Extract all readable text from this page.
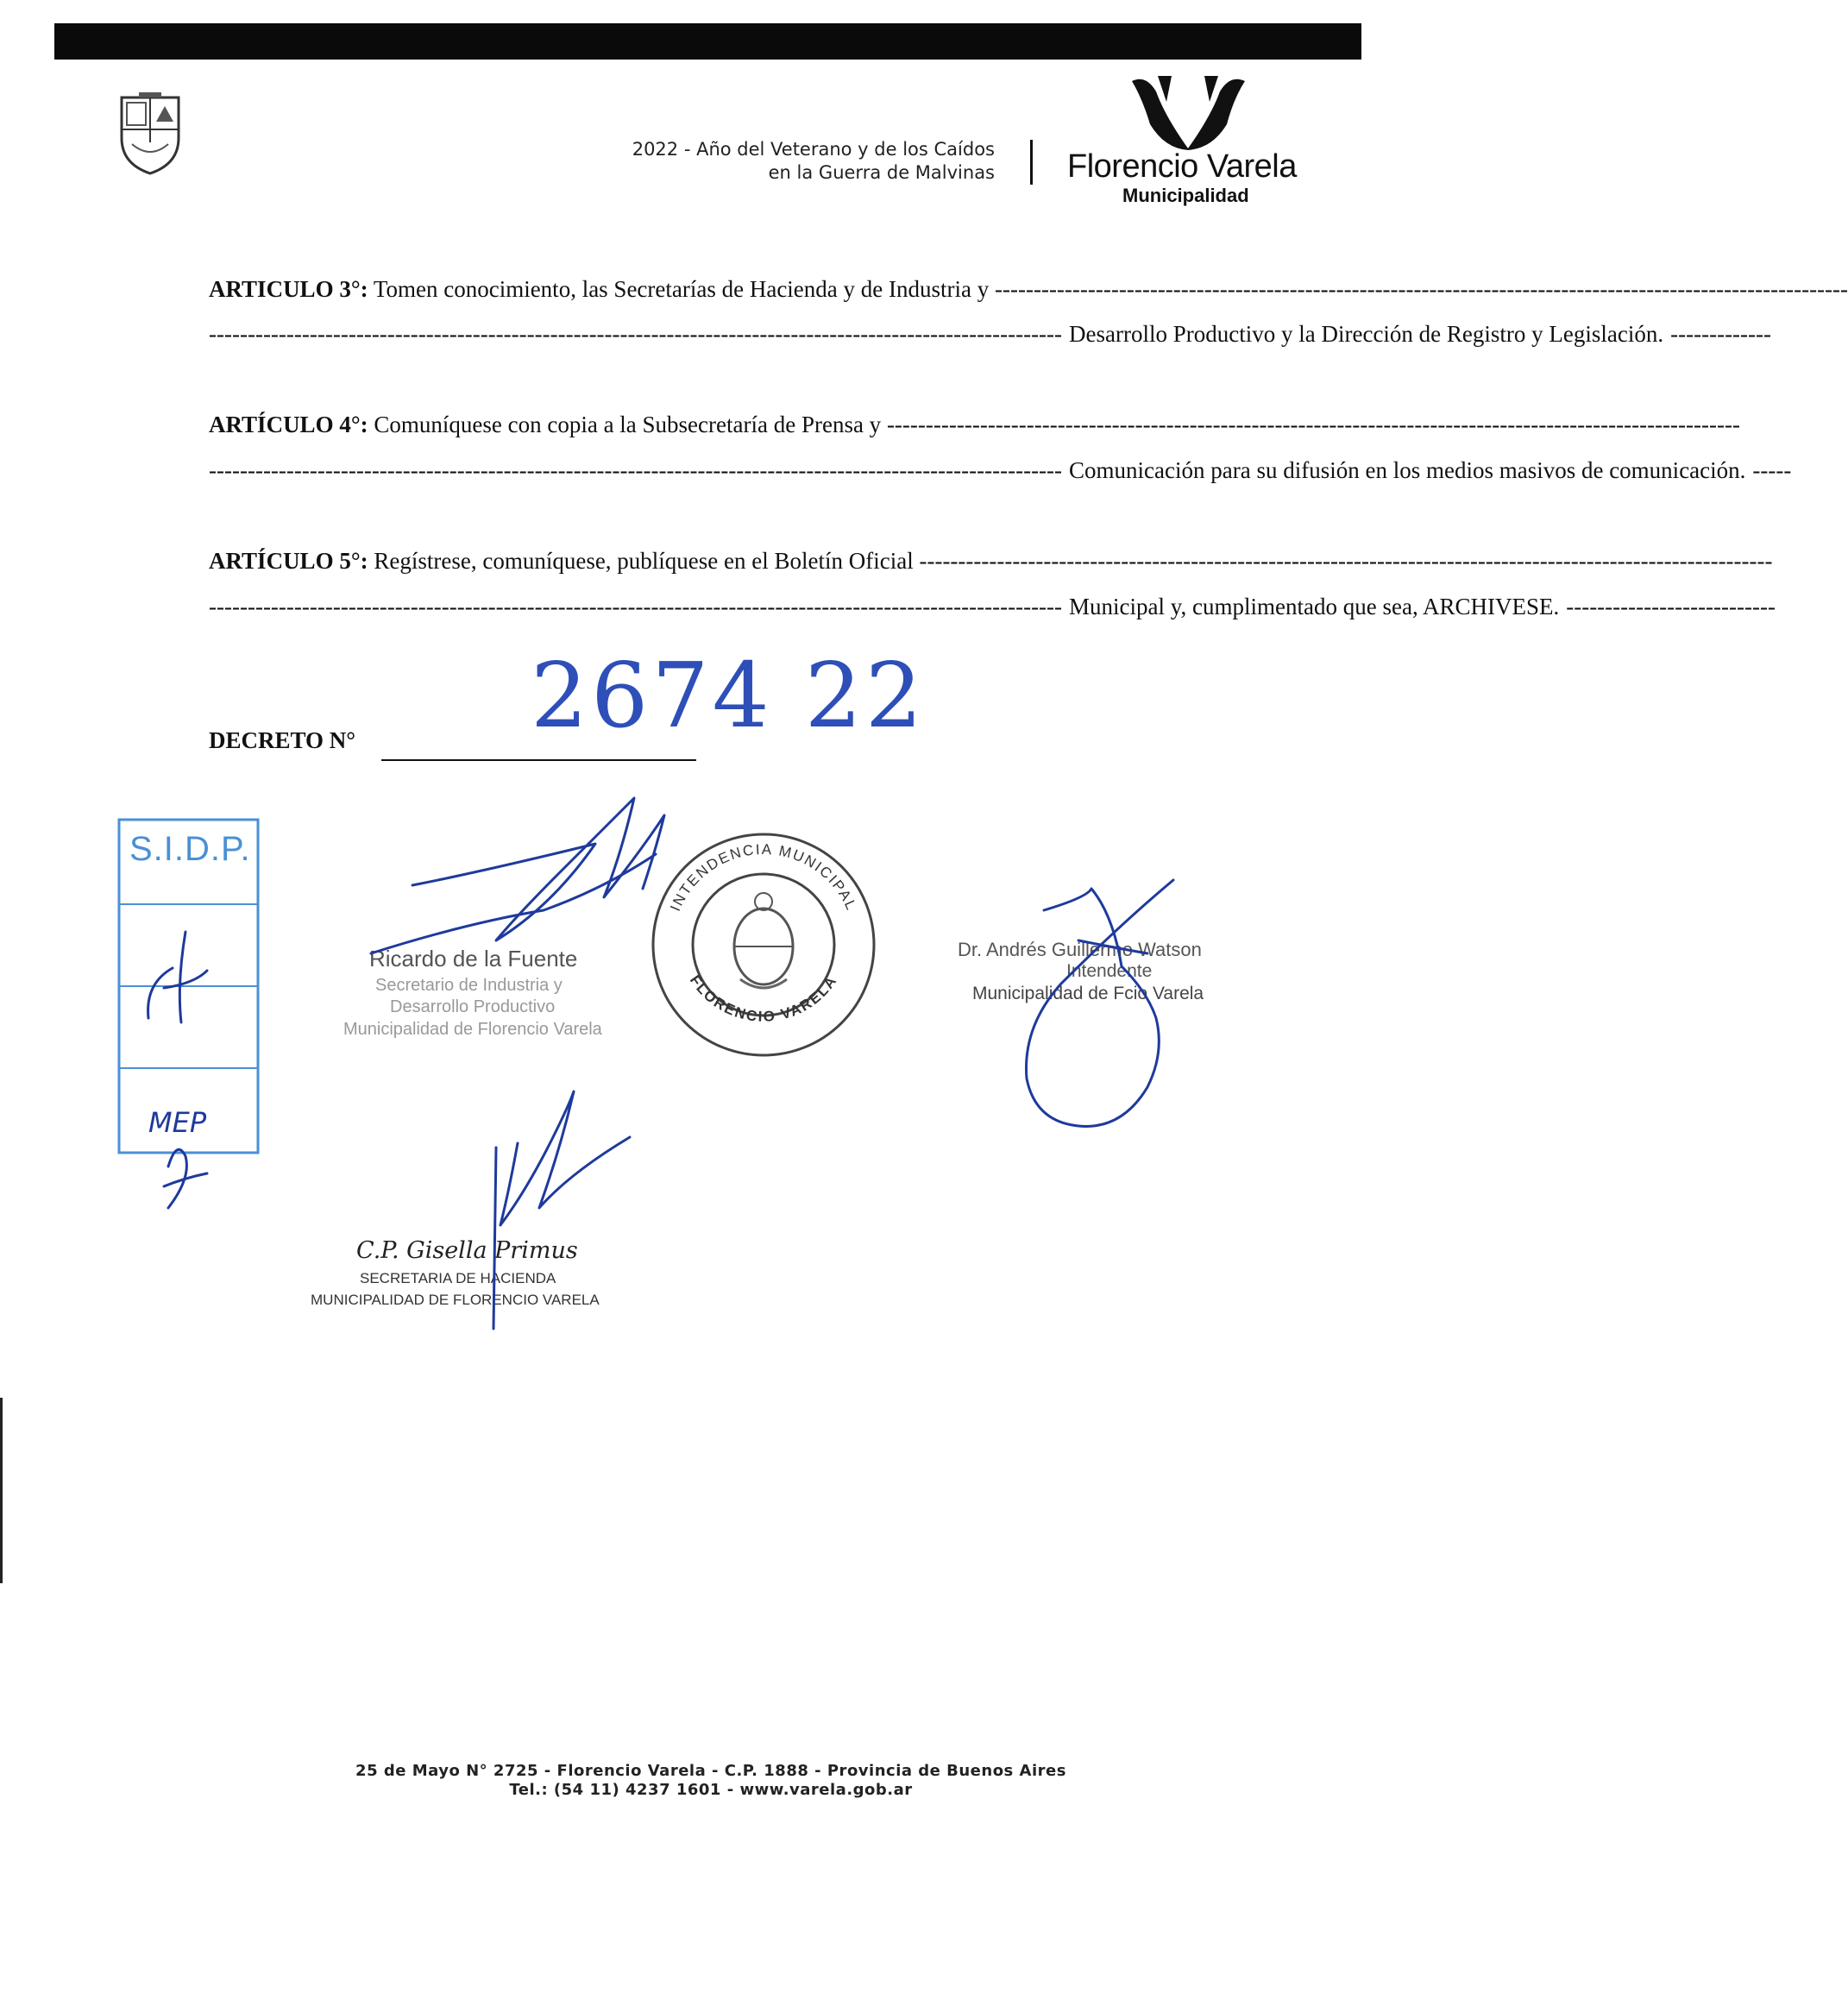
2022 - Año del Veterano y de los Caídos
en la Guerra de Malvinas Florencio Varela
Municipalidad
ARTICULO 3°: Tomen conocimiento, las Secretarías de Hacienda y de Industria y --------------------------------------------------------------------------------------------------------------
-------------------------------------------------------------------------------------------------------------- Desarrollo Productivo y la Dirección de Registro y Legislación. -------------
ARTÍCULO 4°: Comuníquese con copia a la Subsecretaría de Prensa y --------------------------------------------------------------------------------------------------------------
-------------------------------------------------------------------------------------------------------------- Comunicación para su difusión en los medios masivos de comunicación. -----
ARTÍCULO 5°: Regístrese, comuníquese, publíquese en el Boletín Oficial --------------------------------------------------------------------------------------------------------------
-------------------------------------------------------------------------------------------------------------- Municipal y, cumplimentado que sea, ARCHIVESE. ---------------------------
2674 22
DECRETO N°
S.I.D.P.
MEP
INTENDENCIA MUNICIPAL
FLORENCIO VARELA
Ricardo de la Fuente
Secretario de Industria y
Desarrollo Productivo
Municipalidad de Florencio Varela
Dr. Andrés Guillermo Watson
Intendente
Municipalidad de Fcio Varela
C.P. Gisella Primus
SECRETARIA DE HACIENDA
MUNICIPALIDAD DE FLORENCIO VARELA
25 de Mayo N° 2725 - Florencio Varela - C.P. 1888 - Provincia de Buenos Aires
Tel.: (54 11) 4237 1601 - www.varela.gob.ar
